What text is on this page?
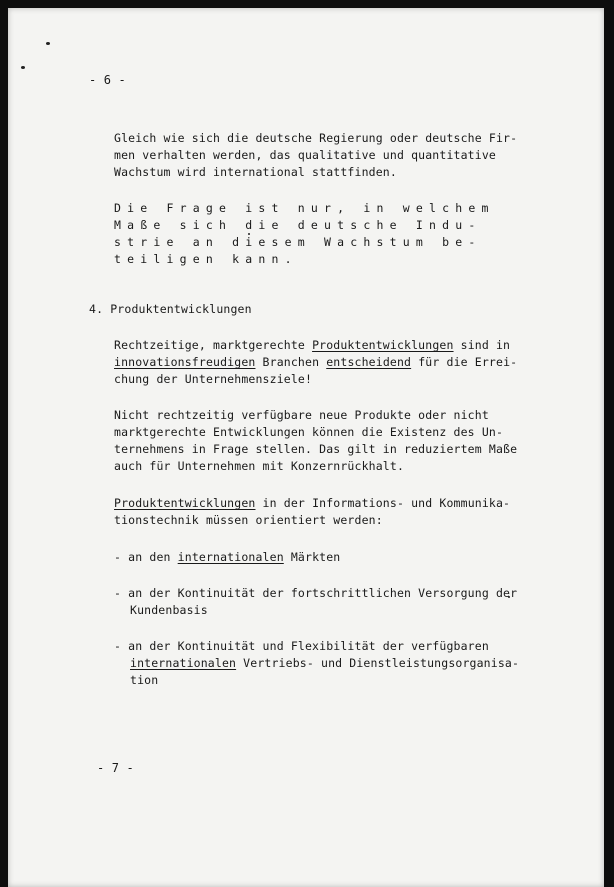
- 6 -
Gleich wie sich die deutsche Regierung oder deutsche Fir-
men verhalten werden, das qualitative und quantitative
Wachstum wird international stattfinden.
Die Frage ist nur, in welchem
Maße sich die deutsche Indu-
strie an diesem Wachstum be-
teiligen kann.
4. Produktentwicklungen
Rechtzeitige, marktgerechte Produktentwicklungen sind in
innovationsfreudigen Branchen entscheidend für die Errei-
chung der Unternehmensziele!
Nicht rechtzeitig verfügbare neue Produkte oder nicht
marktgerechte Entwicklungen können die Existenz des Un-
ternehmens in Frage stellen. Das gilt in reduziertem Maße
auch für Unternehmen mit Konzernrückhalt.
Produktentwicklungen in der Informations- und Kommunika-
tionstechnik müssen orientiert werden:
- an den internationalen Märkten
- an der Kontinuität der fortschrittlichen Versorgung der
Kundenbasis
- an der Kontinuität und Flexibilität der verfügbaren
internationalen Vertriebs- und Dienstleistungsorganisa-
tion
- 7 -
